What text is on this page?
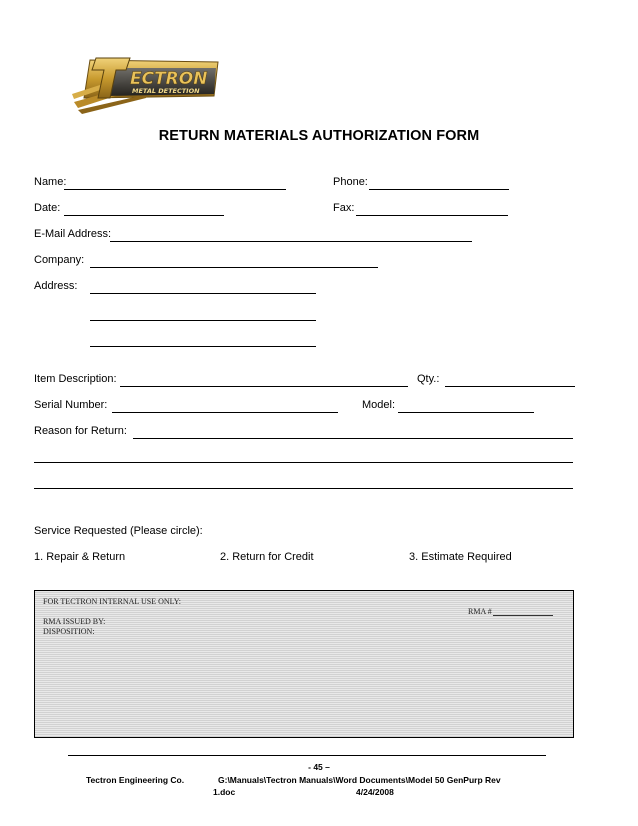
ECTRON
METAL DETECTION
RETURN MATERIALS AUTHORIZATION FORM
Name:	Phone:
Date:	Fax:
E-Mail Address:
Company:
Address:
Item Description:	Qty.:
Serial Number:	Model:
Reason for Return:
Service Requested (Please circle):
1. Repair & Return	2. Return for Credit	3. Estimate Required
FOR TECTRON INTERNAL USE ONLY:
RMA #
RMA ISSUED BY:
DISPOSITION:
- 45 –
Tectron Engineering Co.	G:\Manuals\Tectron Manuals\Word Documents\Model 50 GenPurp Rev
1.doc	4/24/2008
